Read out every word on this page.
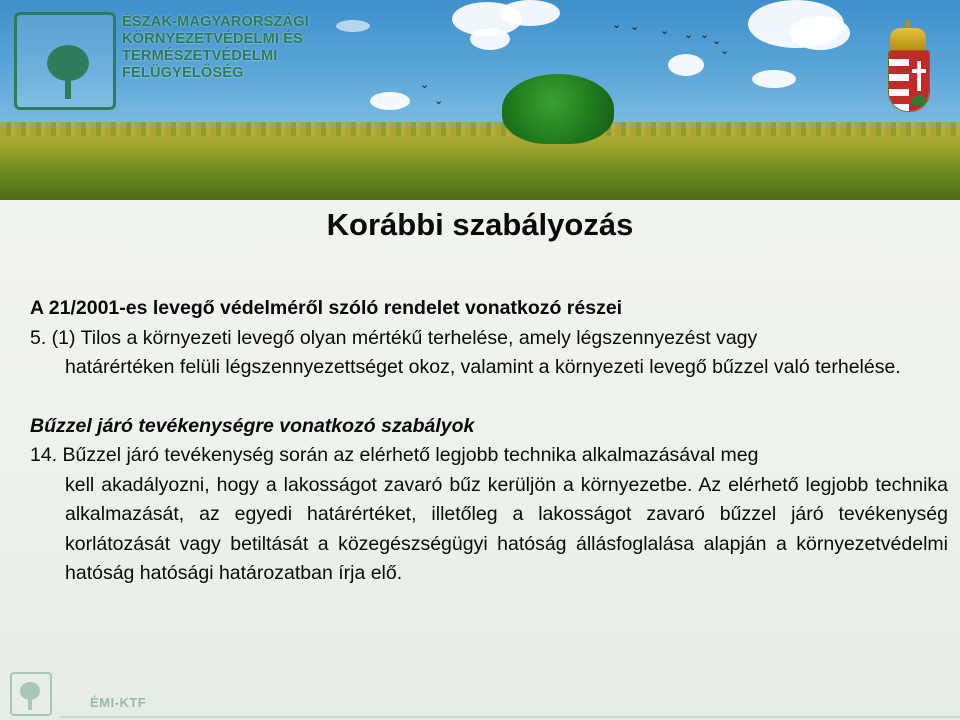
⌄ ⌄ ⌄ ⌄ ⌄ ⌄
⌄
⌄
⌄
ÉSZAK-MAGYARORSZÁGI
KÖRNYEZETVÉDELMI ÉS
TERMÉSZETVÉDELMI
FELÜGYELŐSÉG
Korábbi szabályozás
A 21/2001-es levegő védelméről szóló rendelet vonatkozó részei
5. (1) Tilos a környezeti levegő olyan mértékű terhelése, amely légszennyezést vagy
határértéken felüli légszennyezettséget okoz, valamint a környezeti levegő bűzzel való terhelése.
Bűzzel járó tevékenységre vonatkozó szabályok
14. Bűzzel járó tevékenység során az elérhető legjobb technika alkalmazásával meg
kell akadályozni, hogy a lakosságot zavaró bűz kerüljön a környezetbe. Az elérhető legjobb technika alkalmazását, az egyedi határértéket, illetőleg a lakosságot zavaró bűzzel járó tevékenység korlátozását vagy betiltását a közegészségügyi hatóság állásfoglalása alapján a környezetvédelmi hatóság hatósági határozatban írja elő.
ÉMI-KTF
